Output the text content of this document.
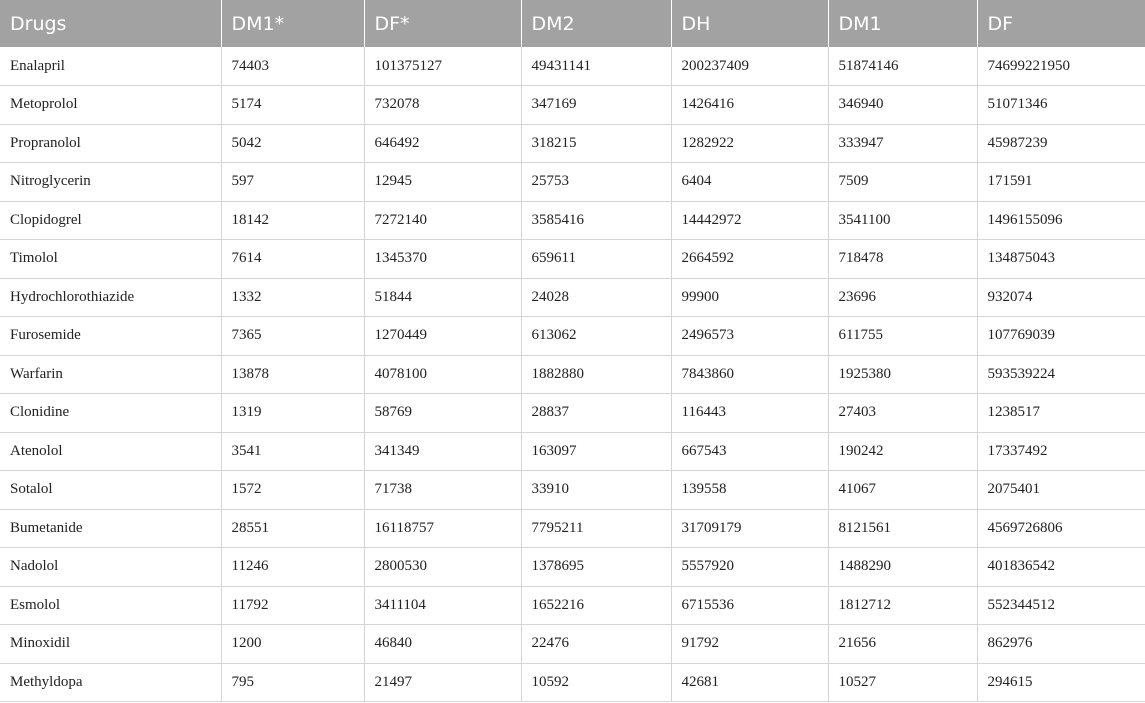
Drugs	DM1*	DF*	DM2	DH	DM1	DF
Enalapril	74403	101375127	49431141	200237409	51874146	74699221950
Metoprolol	5174	732078	347169	1426416	346940	51071346
Propranolol	5042	646492	318215	1282922	333947	45987239
Nitroglycerin	597	12945	25753	6404	7509	171591
Clopidogrel	18142	7272140	3585416	14442972	3541100	1496155096
Timolol	7614	1345370	659611	2664592	718478	134875043
Hydrochlorothiazide	1332	51844	24028	99900	23696	932074
Furosemide	7365	1270449	613062	2496573	611755	107769039
Warfarin	13878	4078100	1882880	7843860	1925380	593539224
Clonidine	1319	58769	28837	116443	27403	1238517
Atenolol	3541	341349	163097	667543	190242	17337492
Sotalol	1572	71738	33910	139558	41067	2075401
Bumetanide	28551	16118757	7795211	31709179	8121561	4569726806
Nadolol	11246	2800530	1378695	5557920	1488290	401836542
Esmolol	11792	3411104	1652216	6715536	1812712	552344512
Minoxidil	1200	46840	22476	91792	21656	862976
Methyldopa	795	21497	10592	42681	10527	294615
